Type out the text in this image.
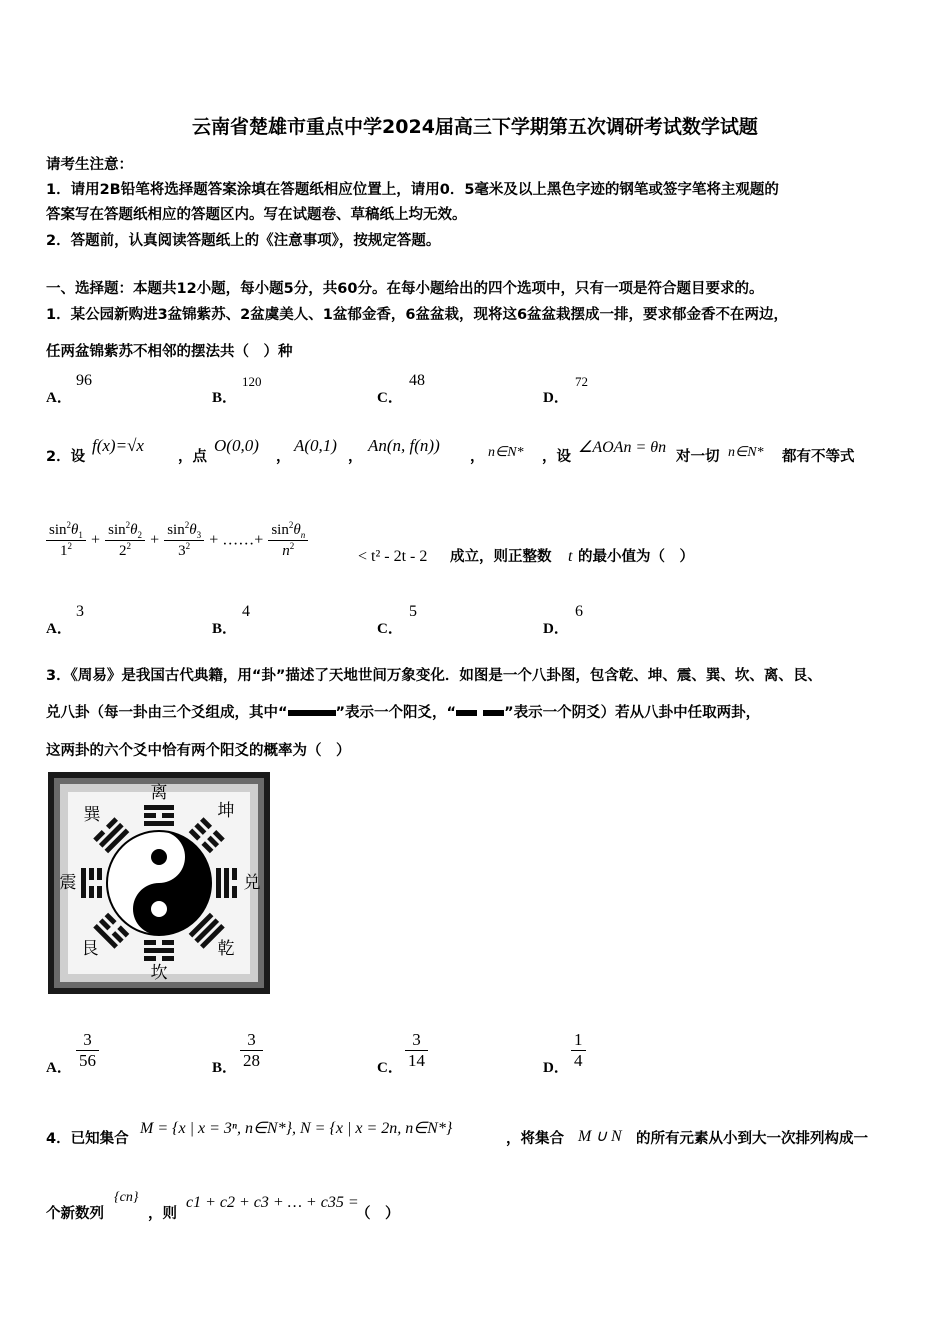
云南省楚雄市重点中学2024届高三下学期第五次调研考试数学试题
请考生注意：
1．请用2B铅笔将选择题答案涂填在答题纸相应位置上，请用0．5毫米及以上黑色字迹的钢笔或签字笔将主观题的
答案写在答题纸相应的答题区内。写在试题卷、草稿纸上均无效。
2．答题前，认真阅读答题纸上的《注意事项》，按规定答题。
一、选择题：本题共12小题，每小题5分，共60分。在每小题给出的四个选项中，只有一项是符合题目要求的。
1．某公园新购进3盆锦紫苏、2盆虞美人、1盆郁金香，6盆盆栽，现将这6盆盆栽摆成一排，要求郁金香不在两边，
任两盆锦紫苏不相邻的摆法共（　）种
A．
96
B．
120
C．
48
D．
72
2．设
f(x)=√x
，点
O(0,0)
，
A(0,1)
，
An(n, f(n))
， n∈N* ，设
∠AOAn = θn
对一切 n∈N* 都有不等式
$\frac{\sin^2\theta_1}{1^2} + \frac{\sin^2\theta_2}{2^2} + \frac{\sin^2\theta_3}{3^2}$ + ……+ $\frac{\sin^2\theta_n}{n^2}$	< t² - 2t - 2 成立，则正整数 t 的最小值为（　）
A．
3
B．
4
C．
5
D．
6
3．《周易》是我国古代典籍，用“卦”描述了天地世间万象变化．如图是一个八卦图，包含乾、坤、震、巽、坎、离、艮、
兑八卦（每一卦由三个爻组成，其中“	”表示一个阳爻，“	”表示一个阴爻）若从八卦中任取两卦，
这两卦的六个爻中恰有两个阳爻的概率为（　）
离
坤
兑
乾
坎
艮
震
巽
A． $\frac{3}{56}$	B． $\frac{3}{28}$	C． $\frac{3}{14}$	D． $\frac{1}{4}$
4．已知集合
M = {x | x = 3ⁿ, n∈N*}, N = {x | x = 2n, n∈N*}
，将集合 M ∪ N 的所有元素从小到大一次排列构成一
个新数列
{cn}
，则
c1 + c2 + c3 + … + c35 =
（　）
